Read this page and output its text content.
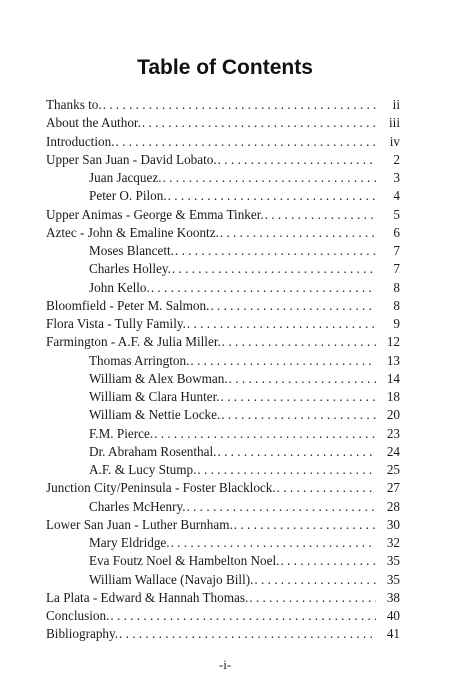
Table of Contents
Thanks to. . . .	ii
About the Author. . . .	iii
Introduction. . . .	iv
Upper San Juan - David Lobato. . . .	2
Juan Jacquez. . . .	3
Peter O. Pilon. . . .	4
Upper Animas - George & Emma Tinker. . . .	5
Aztec - John & Emaline Koontz. . . .	6
Moses Blancett. . . .	7
Charles Holley. . . .	7
John Kello. . . .	8
Bloomfield - Peter M. Salmon. . . .	8
Flora Vista - Tully Family. . . .	9
Farmington - A.F. & Julia Miller. . . .	12
Thomas Arrington. . . .	13
William & Alex Bowman. . . .	14
William & Clara Hunter. . . .	18
William & Nettie Locke. . . .	20
F.M. Pierce. . . .	23
Dr. Abraham Rosenthal. . . .	24
A.F. & Lucy Stump. . . .	25
Junction City/Peninsula - Foster Blacklock. . . .	27
Charles McHenry. . . .	28
Lower San Juan - Luther Burnham. . . .	30
Mary Eldridge. . . .	32
Eva Foutz Noel & Hambelton Noel. . . .	35
William Wallace (Navajo Bill). . . .	35
La Plata - Edward & Hannah Thomas. . . .	38
Conclusion. . . .	40
Bibliography. . . .	41
-i-
